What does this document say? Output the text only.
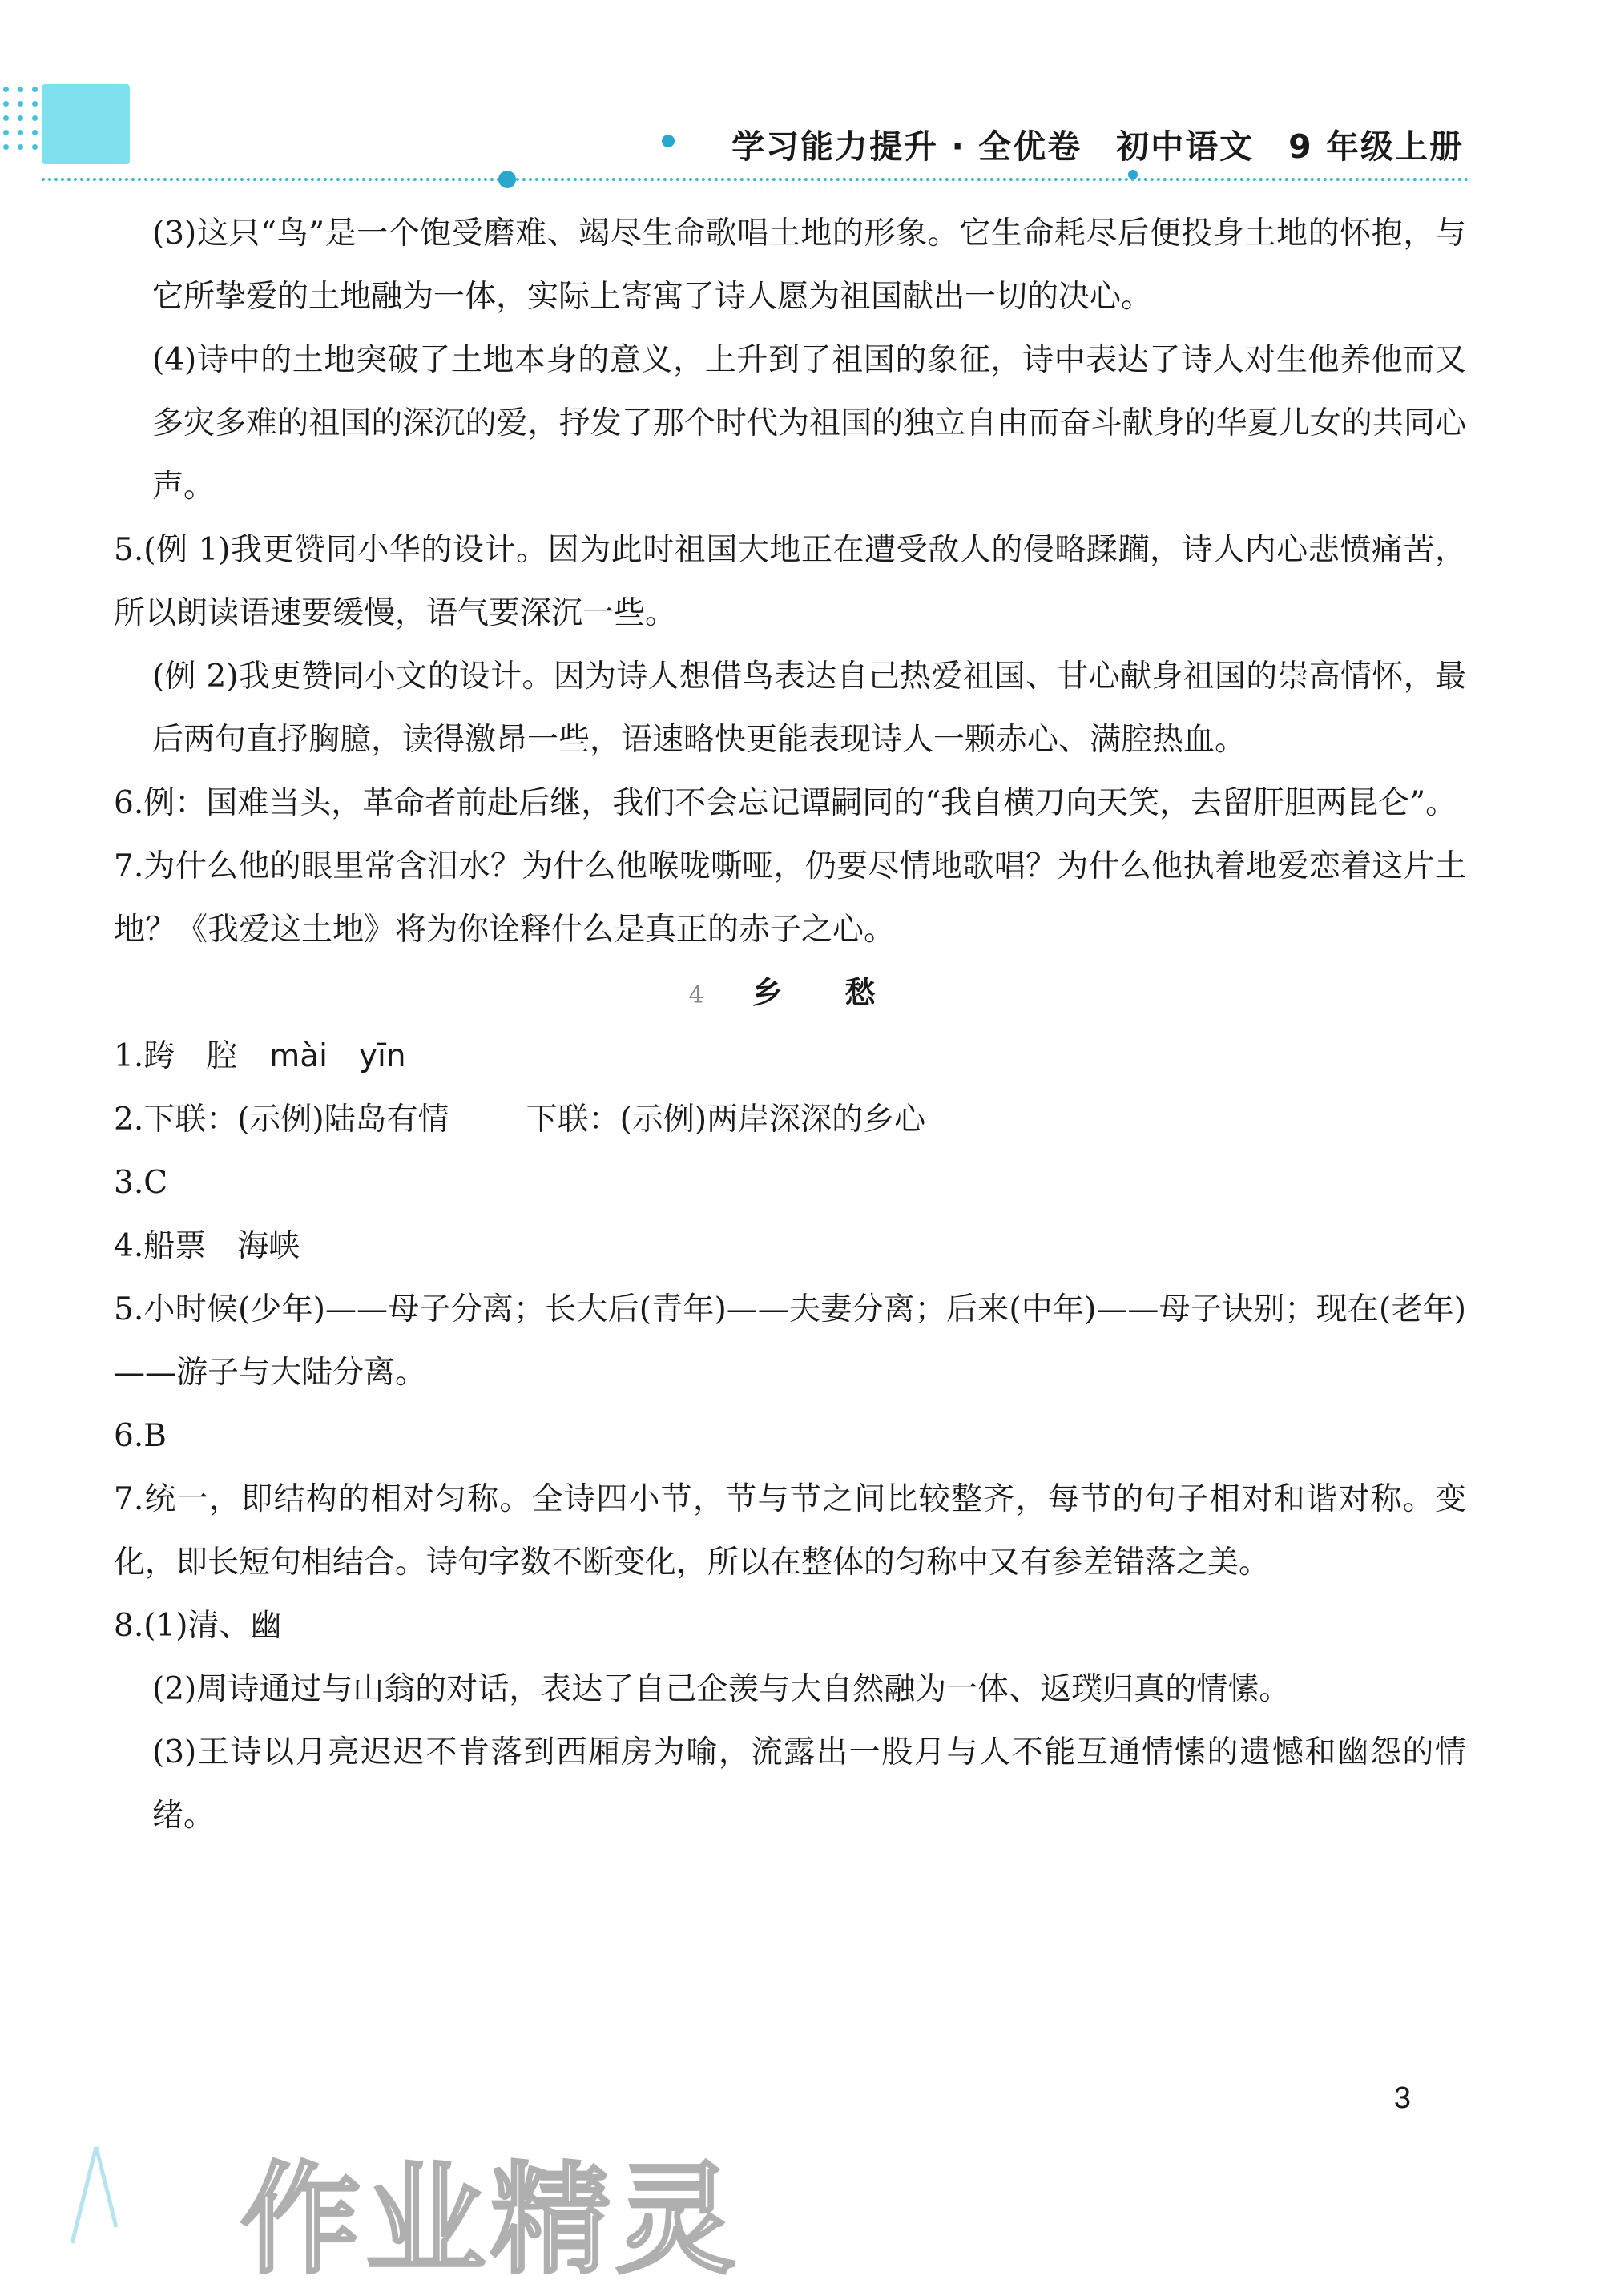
学习能力提升 · 全优卷　初中语文　9 年级上册

(3)这只“鸟”是一个饱受磨难、竭尽生命歌唱土地的形象。它生命耗尽后便投身土地的怀抱，与它所挚爱的土地融为一体，实际上寄寓了诗人愿为祖国献出一切的决心。

(4)诗中的土地突破了土地本身的意义，上升到了祖国的象征，诗中表达了诗人对生他养他而又多灾多难的祖国的深沉的爱，抒发了那个时代为祖国的独立自由而奋斗献身的华夏儿女的共同心声。

5.(例 1)我更赞同小华的设计。因为此时祖国大地正在遭受敌人的侵略蹂躏，诗人内心悲愤痛苦，所以朗读语速要缓慢，语气要深沉一些。

(例 2)我更赞同小文的设计。因为诗人想借鸟表达自己热爱祖国、甘心献身祖国的崇高情怀，最后两句直抒胸臆，读得激昂一些，语速略快更能表现诗人一颗赤心、满腔热血。

6.例：国难当头，革命者前赴后继，我们不会忘记谭嗣同的“我自横刀向天笑，去留肝胆两昆仑”。

7.为什么他的眼里常含泪水？为什么他喉咙嘶哑，仍要尽情地歌唱？为什么他执着地爱恋着这片土地？《我爱这土地》将为你诠释什么是真正的赤子之心。

4 乡　愁

1.跨　腔 mài　yīn

2.下联：(示例)陆岛有情 下联：(示例)两岸深深的乡心

3.C

4.船票　海峡

5.小时候(少年)——母子分离；长大后(青年)——夫妻分离；后来(中年)——母子诀别；现在(老年)——游子与大陆分离。

6.B

7.统一，即结构的相对匀称。全诗四小节，节与节之间比较整齐，每节的句子相对和谐对称。变化，即长短句相结合。诗句字数不断变化，所以在整体的匀称中又有参差错落之美。

8.(1)清、幽

(2)周诗通过与山翁的对话，表达了自己企羡与大自然融为一体、返璞归真的情愫。

(3)王诗以月亮迟迟不肯落到西厢房为喻，流露出一股月与人不能互通情愫的遗憾和幽怨的情绪。

3
作业精灵
